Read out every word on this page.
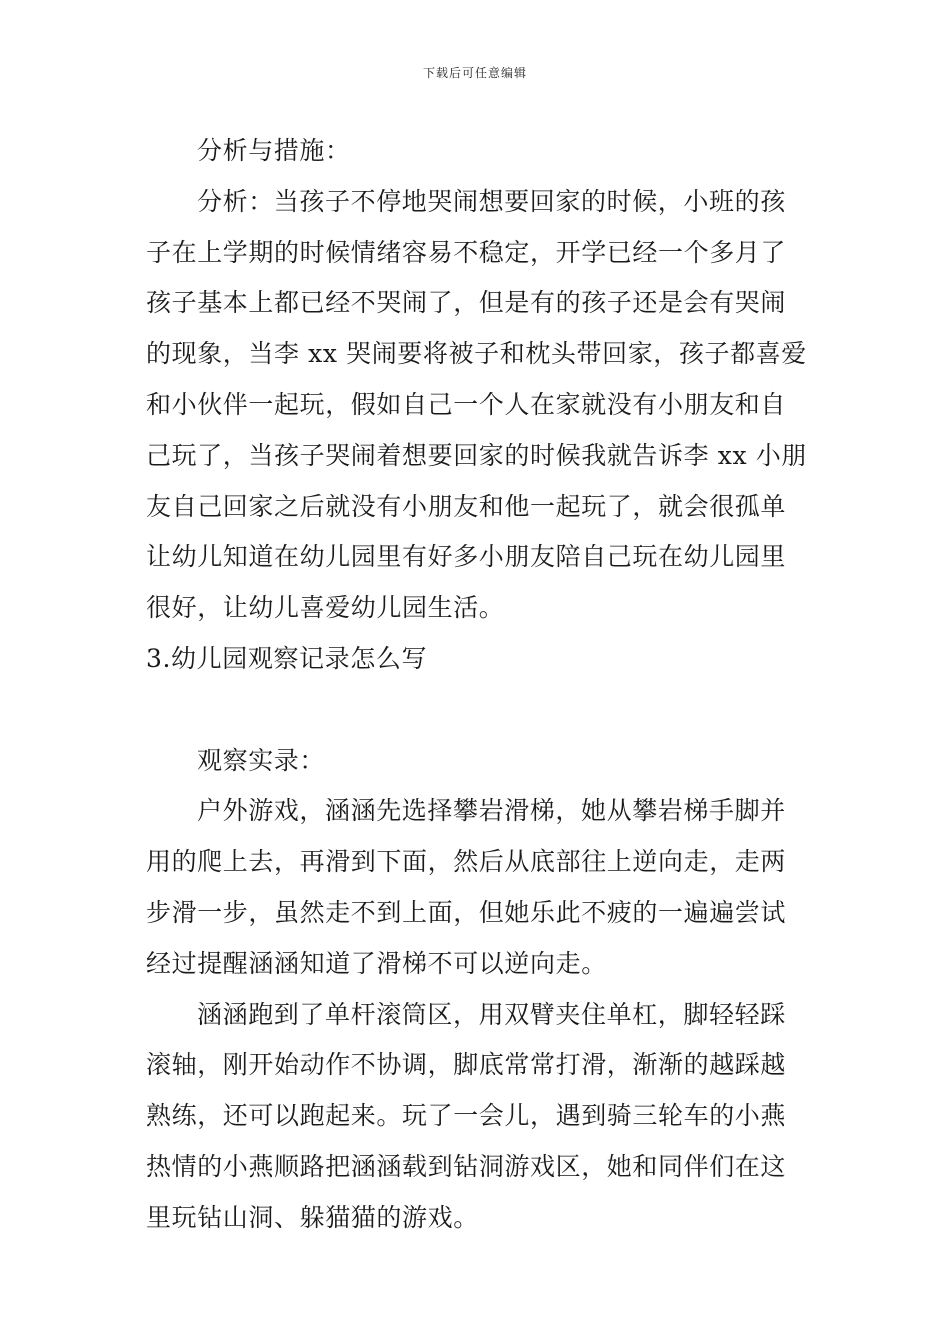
下载后可任意编辑
分析与措施：
分析：当孩子不停地哭闹想要回家的时候，小班的孩
子在上学期的时候情绪容易不稳定，开学已经一个多月了
孩子基本上都已经不哭闹了，但是有的孩子还是会有哭闹
的现象，当李 xx 哭闹要将被子和枕头带回家，孩子都喜爱
和小伙伴一起玩，假如自己一个人在家就没有小朋友和自
己玩了，当孩子哭闹着想要回家的时候我就告诉李 xx 小朋
友自己回家之后就没有小朋友和他一起玩了，就会很孤单
让幼儿知道在幼儿园里有好多小朋友陪自己玩在幼儿园里
很好，让幼儿喜爱幼儿园生活。
3.幼儿园观察记录怎么写
观察实录：
户外游戏，涵涵先选择攀岩滑梯，她从攀岩梯手脚并
用的爬上去，再滑到下面，然后从底部往上逆向走，走两
步滑一步，虽然走不到上面，但她乐此不疲的一遍遍尝试
经过提醒涵涵知道了滑梯不可以逆向走。
涵涵跑到了单杆滚筒区，用双臂夹住单杠，脚轻轻踩
滚轴，刚开始动作不协调，脚底常常打滑，渐渐的越踩越
熟练，还可以跑起来。玩了一会儿，遇到骑三轮车的小燕
热情的小燕顺路把涵涵载到钻洞游戏区，她和同伴们在这
里玩钻山洞、躲猫猫的游戏。
